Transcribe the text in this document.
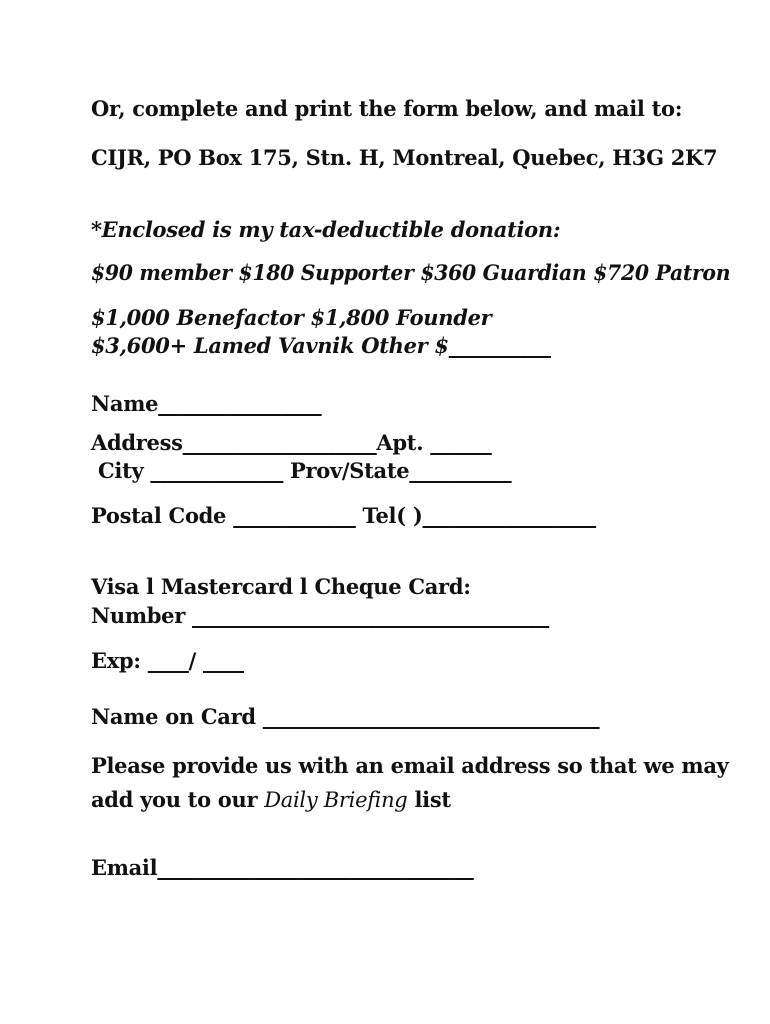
Or, complete and print the form below, and mail to:
CIJR, PO Box 175, Stn. H, Montreal, Quebec, H3G 2K7
*Enclosed is my tax-deductible donation:
$90 member $180 Supporter $360 Guardian $720 Patron
$1,000 Benefactor $1,800 Founder
$3,600+ Lamed Vavnik Other $__________
Name________________
Address___________________Apt. ______
City _____________ Prov/State__________
Postal Code ____________ Tel( )_________________
Visa l Mastercard l Cheque Card:
Number ___________________________________
Exp: ____/ ____
Name on Card _________________________________
Please provide us with an email address so that we may
add you to our Daily Briefing list
Email_______________________________
